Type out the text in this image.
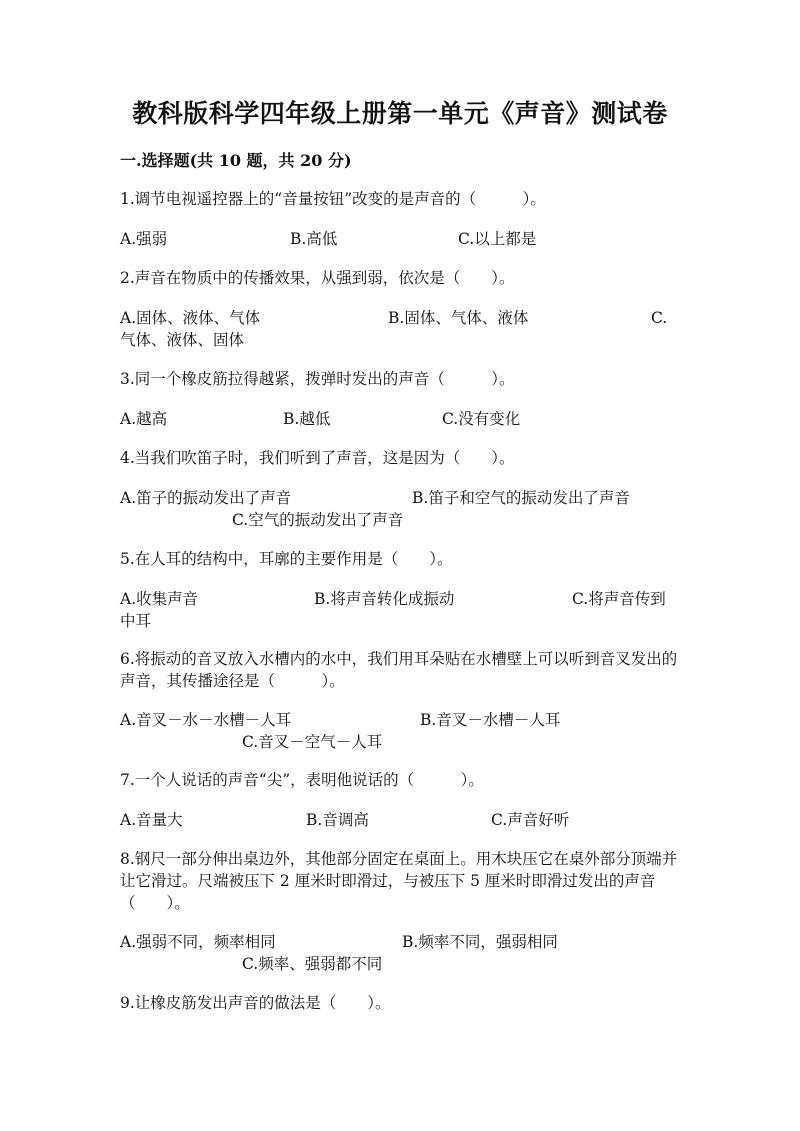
教科版科学四年级上册第一单元《声音》测试卷
一.选择题(共 10 题，共 20 分)
1.调节电视遥控器上的“音量按钮”改变的是声音的（　　　）。
A.强弱	B.高低	C.以上都是
2.声音在物质中的传播效果，从强到弱，依次是（　　）。
A.固体、液体、气体	B.固体、气体、液体	C.
气体、液体、固体
3.同一个橡皮筋拉得越紧，拨弹时发出的声音（　　　）。
A.越高	B.越低	C.没有变化
4.当我们吹笛子时，我们听到了声音，这是因为（　　）。
A.笛子的振动发出了声音	B.笛子和空气的振动发出了声音
C.空气的振动发出了声音
5.在人耳的结构中，耳廓的主要作用是（　　）。
A.收集声音	B.将声音转化成振动	C.将声音传到
中耳
6.将振动的音叉放入水槽内的水中，我们用耳朵贴在水槽壁上可以听到音叉发出的声音，其传播途径是（　　　）。
A.音叉－水－水槽－人耳	B.音叉－水槽－人耳
C.音叉－空气－人耳
7.一个人说话的声音“尖”，表明他说话的（　　　）。
A.音量大	B.音调高	C.声音好听
8.钢尺一部分伸出桌边外，其他部分固定在桌面上。用木块压它在桌外部分顶端并让它滑过。尺端被压下 2 厘米时即滑过，与被压下 5 厘米时即滑过发出的声音（　　）。
A.强弱不同，频率相同	B.频率不同，强弱相同
C.频率、强弱都不同
9.让橡皮筋发出声音的做法是（　　）。
